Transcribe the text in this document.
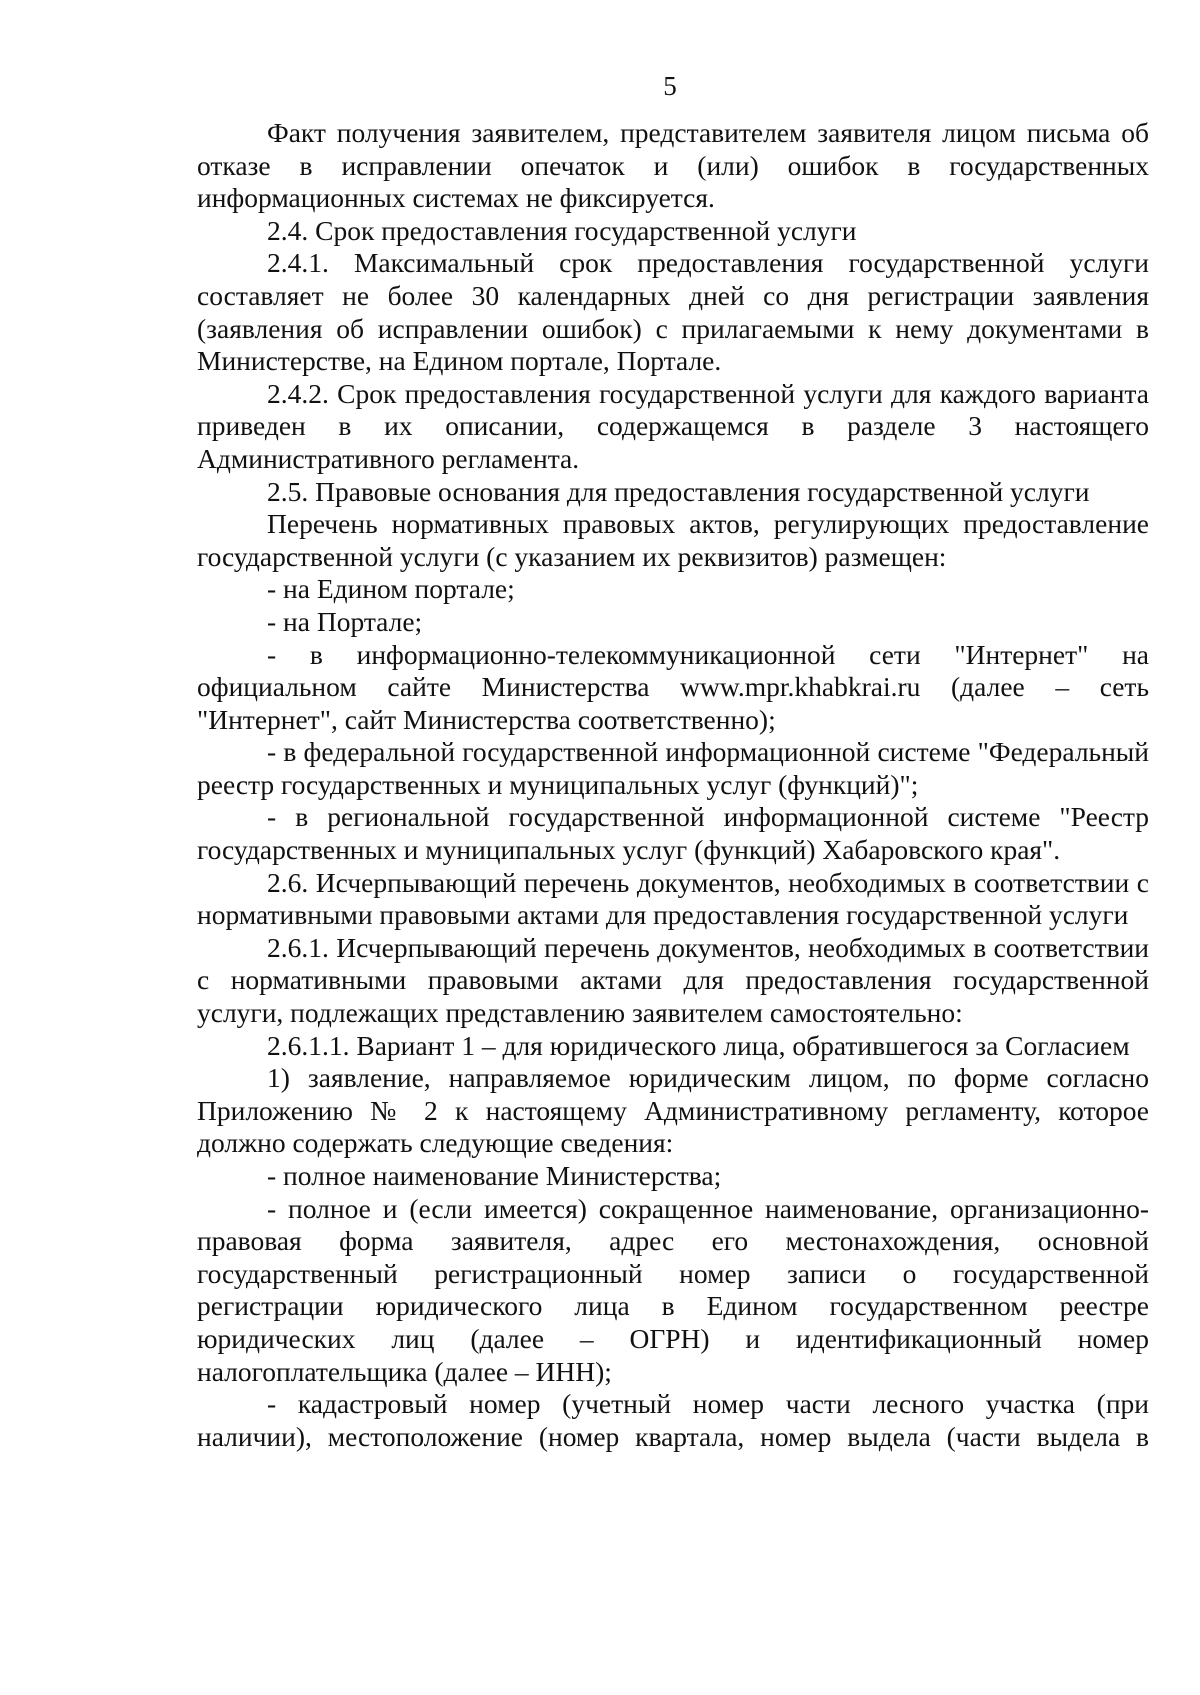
5

Факт получения заявителем, представителем заявителя лицом письма об отказе в исправлении опечаток и (или) ошибок в государственных информационных системах не фиксируется.

2.4. Срок предоставления государственной услуги

2.4.1. Максимальный срок предоставления государственной услуги составляет не более 30 календарных дней со дня регистрации заявления (заявления об исправлении ошибок) с прилагаемыми к нему документами в Министерстве, на Едином портале, Портале.

2.4.2. Срок предоставления государственной услуги для каждого варианта приведен в их описании, содержащемся в разделе 3 настоящего Административного регламента.

2.5. Правовые основания для предоставления государственной услуги

Перечень нормативных правовых актов, регулирующих предоставление государственной услуги (с указанием их реквизитов) размещен:

- на Едином портале;

- на Портале;

- в информационно-телекоммуникационной сети "Интернет" на официальном сайте Министерства www.mpr.khabkrai.ru (далее – сеть "Интернет", сайт Министерства соответственно);

- в федеральной государственной информационной системе "Федеральный реестр государственных и муниципальных услуг (функций)";

- в региональной государственной информационной системе "Реестр государственных и муниципальных услуг (функций) Хабаровского края".

2.6. Исчерпывающий перечень документов, необходимых в соответствии с нормативными правовыми актами для предоставления государственной услуги

2.6.1. Исчерпывающий перечень документов, необходимых в соответствии с нормативными правовыми актами для предоставления государственной услуги, подлежащих представлению заявителем самостоятельно:

2.6.1.1. Вариант 1 – для юридического лица, обратившегося за Согласием

1) заявление, направляемое юридическим лицом, по форме согласно Приложению № 2 к настоящему Административному регламенту, которое должно содержать следующие сведения:

- полное наименование Министерства;

- полное и (если имеется) сокращенное наименование, организационно-правовая форма заявителя, адрес его местонахождения, основной государственный регистрационный номер записи о государственной регистрации юридического лица в Едином государственном реестре юридических лиц (далее – ОГРН) и идентификационный номер налогоплательщика (далее – ИНН);

- кадастровый номер (учетный номер части лесного участка (при наличии), местоположение (номер квартала, номер выдела (части выдела в
